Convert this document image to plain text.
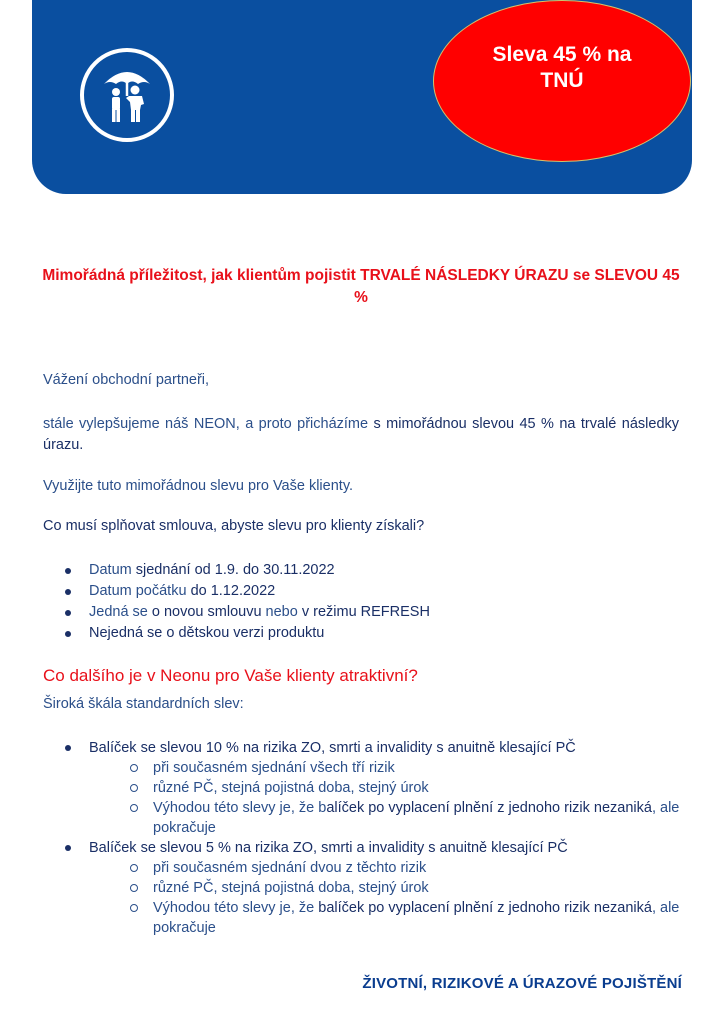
Sleva 45 % na TNÚ
Mimořádná příležitost, jak klientům pojistit TRVALÉ NÁSLEDKY ÚRAZU se SLEVOU 45 %
Vážení obchodní partneři,
stále vylepšujeme náš NEON, a proto přicházíme s mimořádnou slevou 45 % na trvalé následky úrazu.
Využijte tuto mimořádnou slevu pro Vaše klienty.
Co musí splňovat smlouva, abyste slevu pro klienty získali?
Datum sjednání od 1.9. do 30.11.2022
Datum počátku do 1.12.2022
Jedná se o novou smlouvu nebo v režimu REFRESH
Nejedná se o dětskou verzi produktu
Co dalšího je v Neonu pro Vaše klienty atraktivní?
Široká škála standardních slev:
Balíček se slevou 10 % na rizika ZO, smrti a invalidity s anuitně klesající PČ
při současném sjednání všech tří rizik
různé PČ, stejná pojistná doba, stejný úrok
Výhodou této slevy je, že balíček po vyplacení plnění z jednoho rizik nezaniká, ale pokračuje
Balíček se slevou 5 % na rizika ZO, smrti a invalidity s anuitně klesající PČ
při současném sjednání dvou z těchto rizik
různé PČ, stejná pojistná doba, stejný úrok
Výhodou této slevy je, že balíček po vyplacení plnění z jednoho rizik nezaniká, ale pokračuje
ŽIVOTNÍ, RIZIKOVÉ A ÚRAZOVÉ POJIŠTĚNÍ
